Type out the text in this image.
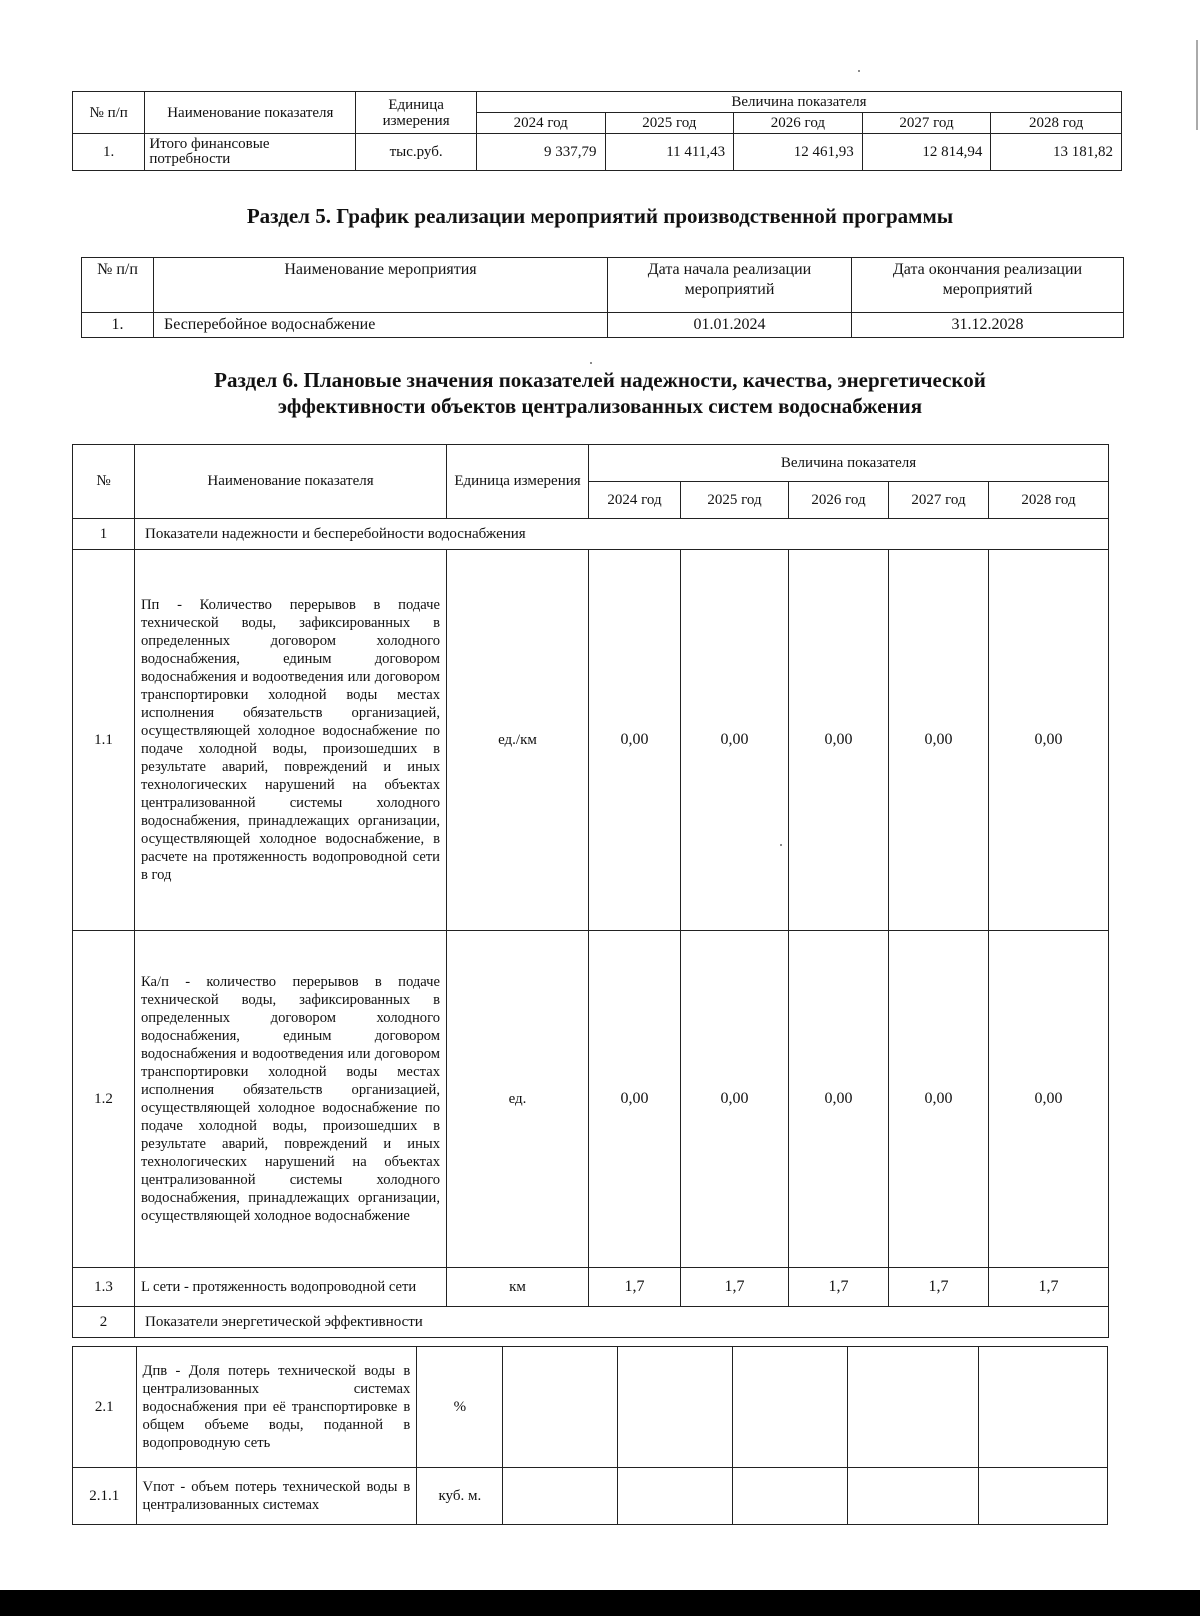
№ п/п	Наименование показателя	Единица измерения	Величина показателя				
			2024 год	2025 год	2026 год	2027 год	2028 год
1.	Итого финансовые потребности	тыс.руб.	9 337,79	11 411,43	12 461,93	12 814,94	13 181,82
Раздел 5. График реализации мероприятий производственной программы
№ п/п	Наименование мероприятия	Дата начала реализации мероприятий	Дата окончания реализации мероприятий
1.	Бесперебойное водоснабжение	01.01.2024	31.12.2028
Раздел 6. Плановые значения показателей надежности, качества, энергетической
эффективности объектов централизованных систем водоснабжения
№	Наименование показателя	Единица измерения	Величина показателя				
			2024 год	2025 год	2026 год	2027 год	2028 год
1	Показатели надежности и бесперебойности водоснабжения						
1.1	Пп - Количество перерывов в подаче технической воды, зафиксированных в определенных договором холодного водоснабжения, единым договором водоснабжения и водоотведения или договором транспортировки холодной воды местах исполнения обязательств организацией, осуществляющей холодное водоснабжение по подаче холодной воды, произошедших в результате аварий, повреждений и иных технологических нарушений на объектах централизованной системы холодного водоснабжения, принадлежащих организации, осуществляющей холодное водоснабжение, в расчете на протяженность водопроводной сети в год	ед./км	0,00	0,00	0,00	0,00	0,00
1.2	Ка/п - количество перерывов в подаче технической воды, зафиксированных в определенных договором холодного водоснабжения, единым договором водоснабжения и водоотведения или договором транспортировки холодной воды местах исполнения обязательств организацией, осуществляющей холодное водоснабжение по подаче холодной воды, произошедших в результате аварий, повреждений и иных технологических нарушений на объектах централизованной системы холодного водоснабжения, принадлежащих организации, осуществляющей холодное водоснабжение	ед.	0,00	0,00	0,00	0,00	0,00
1.3	L сети - протяженность водопроводной сети	км	1,7	1,7	1,7	1,7	1,7
2	Показатели энергетической эффективности						
2.1	Дпв - Доля потерь технической воды в централизованных системах водоснабжения при её транспортировке в общем объеме воды, поданной в водопроводную сеть	%					
2.1.1	Vпот - объем потерь технической воды в централизованных системах	куб. м.					
